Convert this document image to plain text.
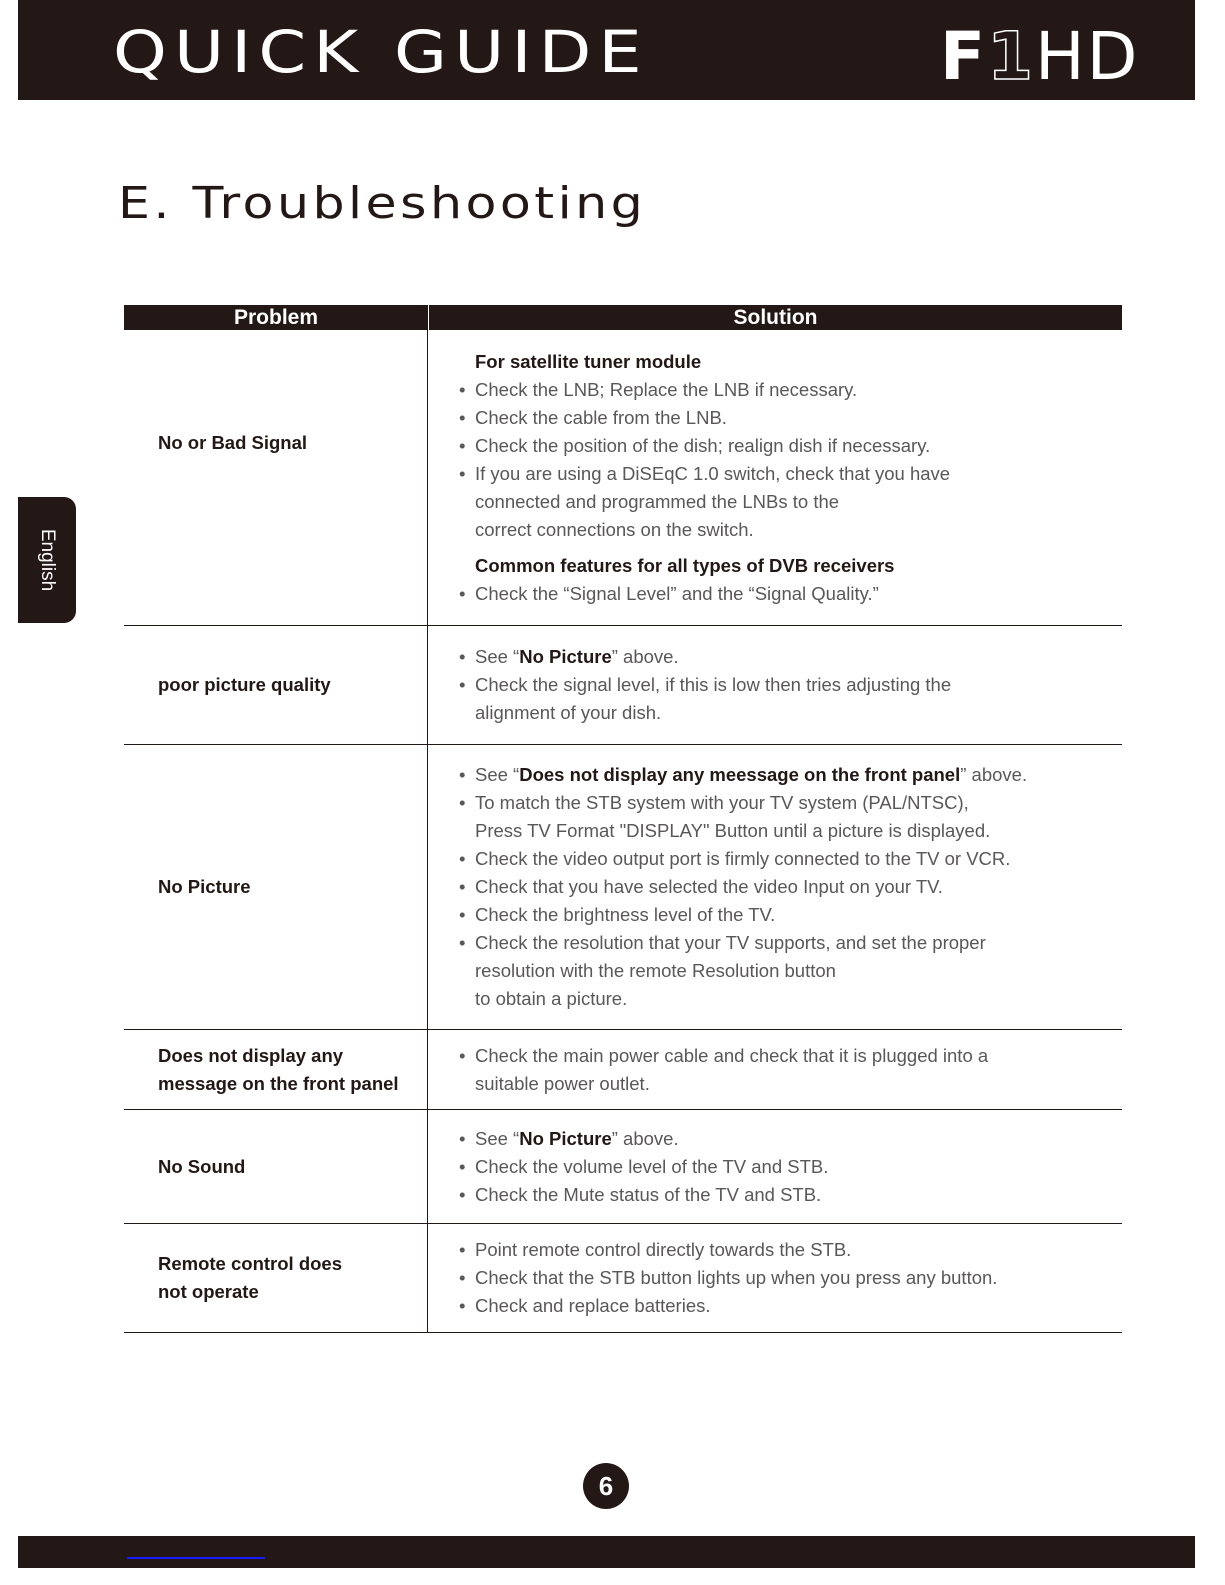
QUICK GUIDE	F1HD
E. Troubleshooting
English
Problem	Solution
No or Bad Signal
For satellite tuner module
• Check the LNB; Replace the LNB if necessary.
• Check the cable from the LNB.
• Check the position of the dish; realign dish if necessary.
• If you are using a DiSEqC 1.0 switch, check that you have
connected and programmed the LNBs to the
correct connections on the switch.
Common features for all types of DVB receivers
• Check the “Signal Level” and the “Signal Quality.”
poor picture quality
• See “No Picture” above.
• Check the signal level, if this is low then tries adjusting the
alignment of your dish.
No Picture
• See “Does not display any meessage on the front panel” above.
• To match the STB system with your TV system (PAL/NTSC),
Press TV Format "DISPLAY" Button until a picture is displayed.
• Check the video output port is firmly connected to the TV or VCR.
• Check that you have selected the video Input on your TV.
• Check the brightness level of the TV.
• Check the resolution that your TV supports, and set the proper
resolution with the remote Resolution button
to obtain a picture.
Does not display any
message on the front panel
• Check the main power cable and check that it is plugged into a
suitable power outlet.
No Sound
• See “No Picture” above.
• Check the volume level of the TV and STB.
• Check the Mute status of the TV and STB.
Remote control does
not operate
• Point remote control directly towards the STB.
• Check that the STB button lights up when you press any button.
• Check and replace batteries.
6
